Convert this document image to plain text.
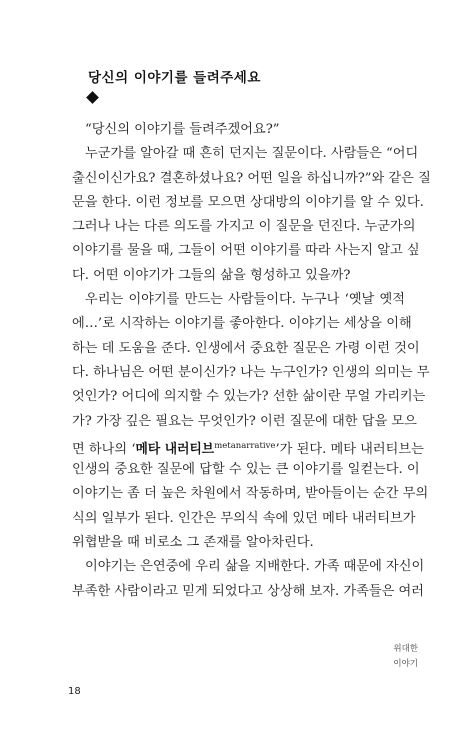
당신의 이야기를 들려주세요
“당신의 이야기를 들려주겠어요?”
누군가를 알아갈 때 흔히 던지는 질문이다. 사람들은 “어디
출신이신가요? 결혼하셨나요? 어떤 일을 하십니까?”와 같은 질
문을 한다. 이런 정보를 모으면 상대방의 이야기를 알 수 있다.
그러나 나는 다른 의도를 가지고 이 질문을 던진다. 누군가의
이야기를 물을 때, 그들이 어떤 이야기를 따라 사는지 알고 싶
다. 어떤 이야기가 그들의 삶을 형성하고 있을까?
우리는 이야기를 만드는 사람들이다. 누구나 ‘옛날 옛적
에…’로 시작하는 이야기를 좋아한다. 이야기는 세상을 이해
하는 데 도움을 준다. 인생에서 중요한 질문은 가령 이런 것이
다. 하나님은 어떤 분이신가? 나는 누구인가? 인생의 의미는 무
엇인가? 어디에 의지할 수 있는가? 선한 삶이란 무얼 가리키는
가? 가장 깊은 필요는 무엇인가? 이런 질문에 대한 답을 모으
면 하나의 ‘메타 내러티브$^{metanarrative}$’가 된다. 메타 내러티브는
인생의 중요한 질문에 답할 수 있는 큰 이야기를 일컫는다. 이
이야기는 좀 더 높은 차원에서 작동하며, 받아들이는 순간 무의
식의 일부가 된다. 인간은 무의식 속에 있던 메타 내러티브가
위협받을 때 비로소 그 존재를 알아차린다.
이야기는 은연중에 우리 삶을 지배한다. 가족 때문에 자신이
부족한 사람이라고 믿게 되었다고 상상해 보자. 가족들은 여러
위대한
이야기
18
